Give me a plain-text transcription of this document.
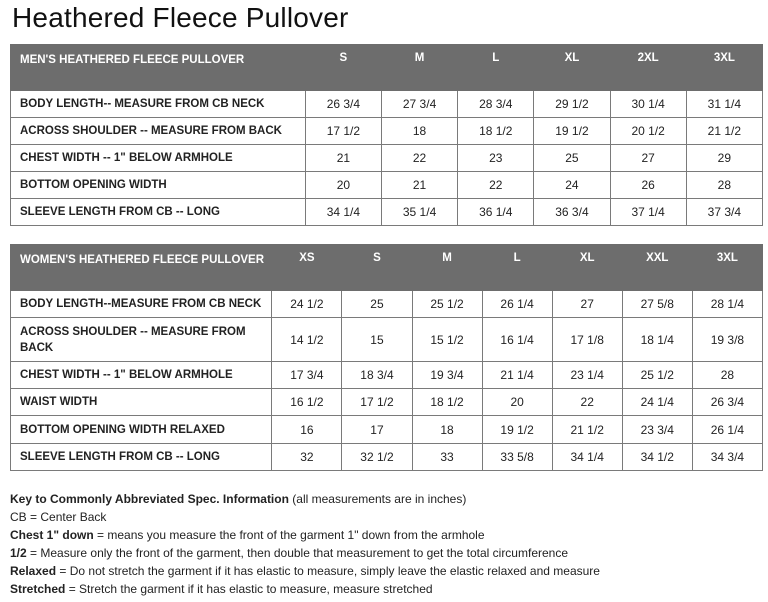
Heathered Fleece Pullover
MEN'S HEATHERED FLEECE PULLOVER	S	M	L	XL	2XL	3XL
BODY LENGTH-- MEASURE FROM CB NECK	26 3/4	27 3/4	28 3/4	29 1/2	30 1/4	31 1/4
ACROSS SHOULDER -- MEASURE FROM BACK	17 1/2	18	18 1/2	19 1/2	20 1/2	21 1/2
CHEST WIDTH -- 1" BELOW ARMHOLE	21	22	23	25	27	29
BOTTOM OPENING WIDTH	20	21	22	24	26	28
SLEEVE LENGTH FROM CB -- LONG	34 1/4	35 1/4	36 1/4	36 3/4	37 1/4	37 3/4
WOMEN'S HEATHERED FLEECE PULLOVER	XS	S	M	L	XL	XXL	3XL
BODY LENGTH--MEASURE FROM CB NECK	24 1/2	25	25 1/2	26 1/4	27	27 5/8	28 1/4
ACROSS SHOULDER -- MEASURE FROM BACK	14 1/2	15	15 1/2	16 1/4	17 1/8	18 1/4	19 3/8
CHEST WIDTH -- 1" BELOW ARMHOLE	17 3/4	18 3/4	19 3/4	21 1/4	23 1/4	25 1/2	28
WAIST WIDTH	16 1/2	17 1/2	18 1/2	20	22	24 1/4	26 3/4
BOTTOM OPENING WIDTH RELAXED	16	17	18	19 1/2	21 1/2	23 3/4	26 1/4
SLEEVE LENGTH FROM CB -- LONG	32	32 1/2	33	33 5/8	34 1/4	34 1/2	34 3/4

Key to Commonly Abbreviated Spec. Information (all measurements are in inches)

CB = Center Back

Chest 1" down = means you measure the front of the garment 1" down from the armhole

1/2 = Measure only the front of the garment, then double that measurement to get the total circumference

Relaxed = Do not stretch the garment if it has elastic to measure, simply leave the elastic relaxed and measure

Stretched = Stretch the garment if it has elastic to measure, measure stretched
